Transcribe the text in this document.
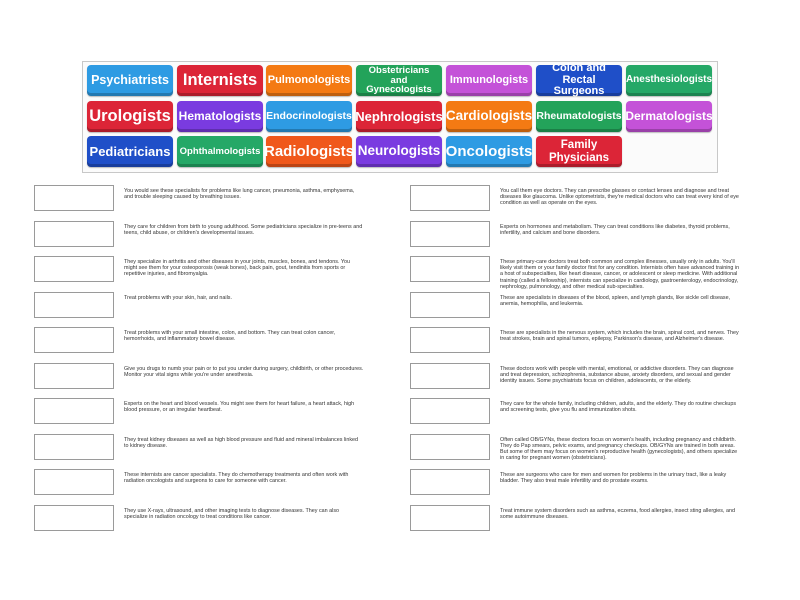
Psychiatrists Internists Pulmonologists
Obstetricians and Gynecologists
Immunologists
Colon and Rectal Surgeons
Anesthesiologists
Urologists Hematologists Endocrinologists Nephrologists Cardiologists Rheumatologists Dermatologists
Pediatricians Ophthalmologists Radiologists Neurologists Oncologists	Family Physicians
You would see these specialists for problems like lung cancer, pneumonia, asthma, emphysema, and trouble sleeping caused by breathing issues.
They care for children from birth to young adulthood. Some pediatricians specialize in pre-teens and teens, child abuse, or children's developmental issues.
They specialize in arthritis and other diseases in your joints, muscles, bones, and tendons. You might see them for your osteoporosis (weak bones), back pain, gout, tendinitis from sports or repetitive injuries, and fibromyalgia.
Treat problems with your skin, hair, and nails.
Treat problems with your small intestine, colon, and bottom. They can treat colon cancer, hemorrhoids, and inflammatory bowel disease.
Give you drugs to numb your pain or to put you under during surgery, childbirth, or other procedures. Monitor your vital signs while you're under anesthesia.
Experts on the heart and blood vessels. You might see them for heart failure, a heart attack, high blood pressure, or an irregular heartbeat.
They treat kidney diseases as well as high blood pressure and fluid and mineral imbalances linked to kidney disease.
These internists are cancer specialists. They do chemotherapy treatments and often work with radiation oncologists and surgeons to care for someone with cancer.
They use X-rays, ultrasound, and other imaging tests to diagnose diseases. They can also specialize in radiation oncology to treat conditions like cancer.
You call them eye doctors. They can prescribe glasses or contact lenses and diagnose and treat diseases like glaucoma. Unlike optometrists, they're medical doctors who can treat every kind of eye condition as well as operate on the eyes.
Experts on hormones and metabolism. They can treat conditions like diabetes, thyroid problems, infertility, and calcium and bone disorders.
These primary-care doctors treat both common and complex illnesses, usually only in adults. You'll likely visit them or your family doctor first for any condition. Internists often have advanced training in a host of subspecialties, like heart disease, cancer, or adolescent or sleep medicine. With additional training (called a fellowship), internists can specialize in cardiology, gastroenterology, endocrinology, nephrology, pulmonology, and other medical sub-specialties.
These are specialists in diseases of the blood, spleen, and lymph glands, like sickle cell disease, anemia, hemophilia, and leukemia.
These are specialists in the nervous system, which includes the brain, spinal cord, and nerves. They treat strokes, brain and spinal tumors, epilepsy, Parkinson's disease, and Alzheimer's disease.
These doctors work with people with mental, emotional, or addictive disorders. They can diagnose and treat depression, schizophrenia, substance abuse, anxiety disorders, and sexual and gender identity issues. Some psychiatrists focus on children, adolescents, or the elderly.
They care for the whole family, including children, adults, and the elderly. They do routine checkups and screening tests, give you flu and immunization shots.
Often called OB/GYNs, these doctors focus on women's health, including pregnancy and childbirth. They do Pap smears, pelvic exams, and pregnancy checkups. OB/GYNs are trained in both areas. But some of them may focus on women's reproductive health (gynecologists), and others specialize in caring for pregnant women (obstetricians).
These are surgeons who care for men and women for problems in the urinary tract, like a leaky bladder. They also treat male infertility and do prostate exams.
Treat immune system disorders such as asthma, eczema, food allergies, insect sting allergies, and some autoimmune diseases.
